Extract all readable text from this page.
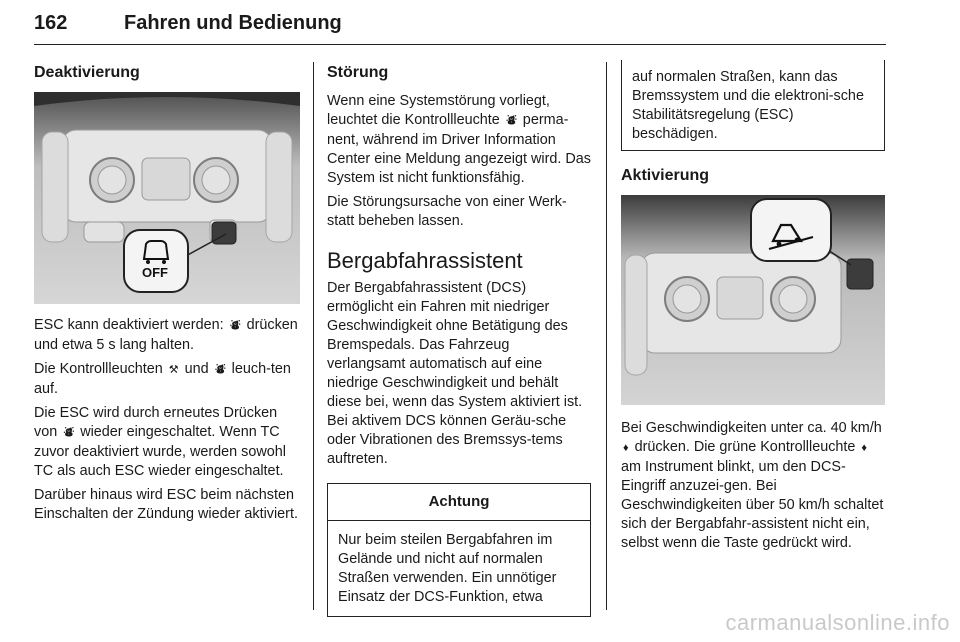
162	Fahren und Bedienung
Deaktivierung
OFF

ESC kann deaktiviert werden: ⛇ drücken und etwa 5 s lang halten.

Die Kontrollleuchten ⚒ und ⛇ leuch-ten auf.

Die ESC wird durch erneutes Drücken von ⛇ wieder eingeschaltet. Wenn TC zuvor deaktiviert wurde, werden sowohl TC als auch ESC wieder eingeschaltet.

Darüber hinaus wird ESC beim nächsten Einschalten der Zündung wieder aktiviert.

Störung

Wenn eine Systemstörung vorliegt, leuchtet die Kontrollleuchte ⛇ perma-nent, während im Driver Information Center eine Meldung angezeigt wird. Das System ist nicht funktionsfähig.

Die Störungsursache von einer Werk-statt beheben lassen.

Bergabfahrassistent

Der Bergabfahrassistent (DCS) ermöglicht ein Fahren mit niedriger Geschwindigkeit ohne Betätigung des Bremspedals. Das Fahrzeug verlangsamt automatisch auf eine niedrige Geschwindigkeit und behält diese bei, wenn das System aktiviert ist. Bei aktivem DCS können Geräu-sche oder Vibrationen des Bremssys-tems auftreten.

Achtung

Nur beim steilen Bergabfahren im Gelände und nicht auf normalen Straßen verwenden. Ein unnötiger Einsatz der DCS-Funktion, etwa

auf normalen Straßen, kann das Bremssystem und die elektroni-sche Stabilitätsregelung (ESC) beschädigen.

Aktivierung

Bei Geschwindigkeiten unter ca. 40 km/h ♦ drücken. Die grüne Kontrollleuchte ♦ am Instrument blinkt, um den DCS-Eingriff anzuzei-gen. Bei Geschwindigkeiten über 50 km/h schaltet sich der Bergabfahr-assistent nicht ein, selbst wenn die Taste gedrückt wird.

carmanualsonline.info
